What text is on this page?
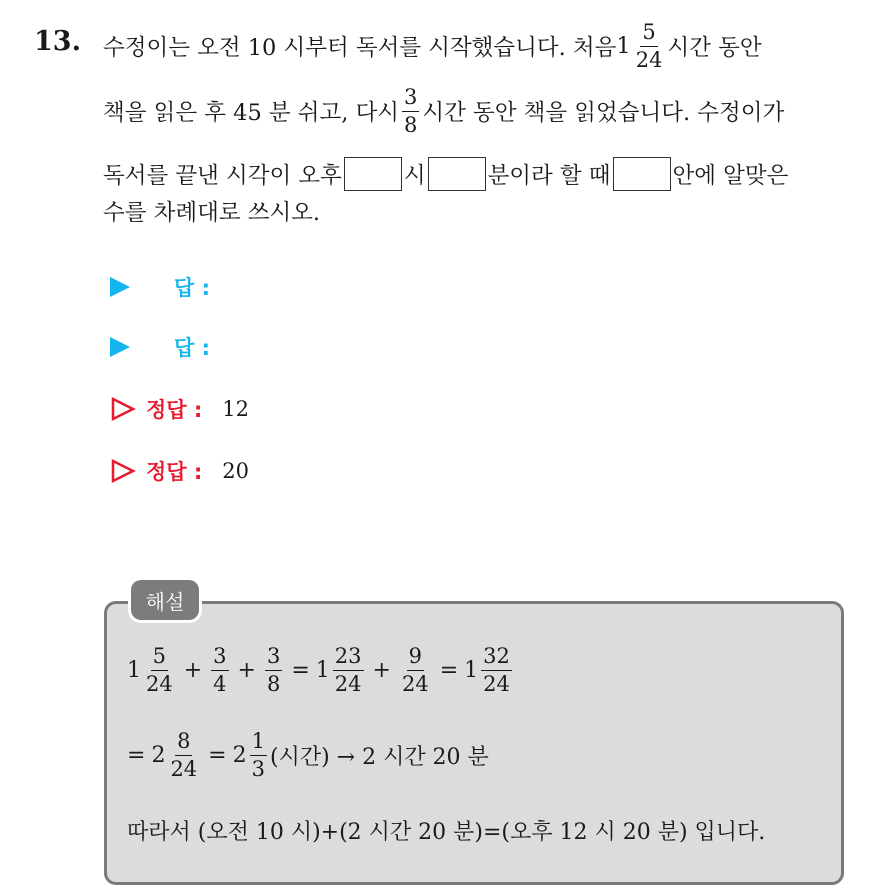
13. 수정이는 오전 10 시부터 독서를 시작했습니다. 처음 $1 \frac{5}{24}$ 시간 동안
책을 읽은 후 45 분 쉬고, 다시 $\frac{3}{8}$ 시간 동안 책을 읽었습니다. 수정이가
독서를 끝낸 시각이 오후	시	분이라 할 때	안에 알맞은
수를 차례대로 쓰시오.
답 :
답 :
정답 : 12
정답 : 20
해설
$1 \frac{5}{24} + \frac{3}{4} + \frac{3}{8} = 1 \frac{23}{24} + \frac{9}{24} = 1 \frac{32}{24}$
= $2 \frac{8}{24} = 2 \frac{1}{3}$ (시간) → 2 시간 20 분
따라서 (오전 10 시)+(2 시간 20 분)=(오후 12 시 20 분) 입니다.
